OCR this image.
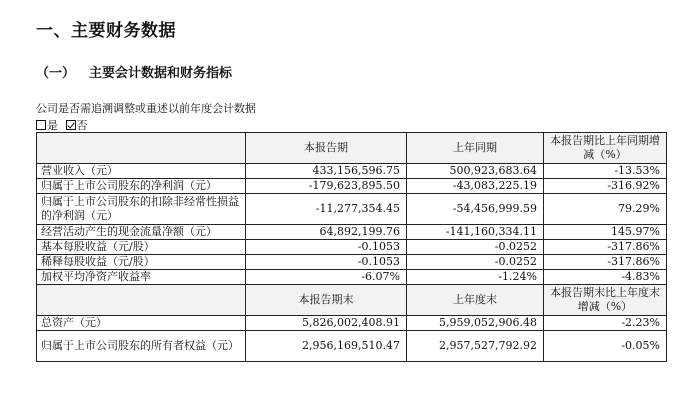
一、主要财务数据
（一） 主要会计数据和财务指标
公司是否需追溯调整或重述以前年度会计数据
是 否
	本报告期	上年同期	本报告期比上年同期增减（%）
营业收入（元）	433,156,596.75	500,923,683.64	-13.53%
归属于上市公司股东的净利润（元）	-179,623,895.50	-43,083,225.19	-316.92%
归属于上市公司股东的扣除非经常性损益的净利润（元）	-11,277,354.45	-54,456,999.59	79.29%
经营活动产生的现金流量净额（元）	64,892,199.76	-141,160,334.11	145.97%
基本每股收益（元/股）	-0.1053	-0.0252	-317.86%
稀释每股收益（元/股）	-0.1053	-0.0252	-317.86%
加权平均净资产收益率	-6.07%	-1.24%	-4.83%
	本报告期末	上年度末	本报告期末比上年度末增减（%）
总资产（元）	5,826,002,408.91	5,959,052,906.48	-2.23%
归属于上市公司股东的所有者权益（元）	2,956,169,510.47	2,957,527,792.92	-0.05%
